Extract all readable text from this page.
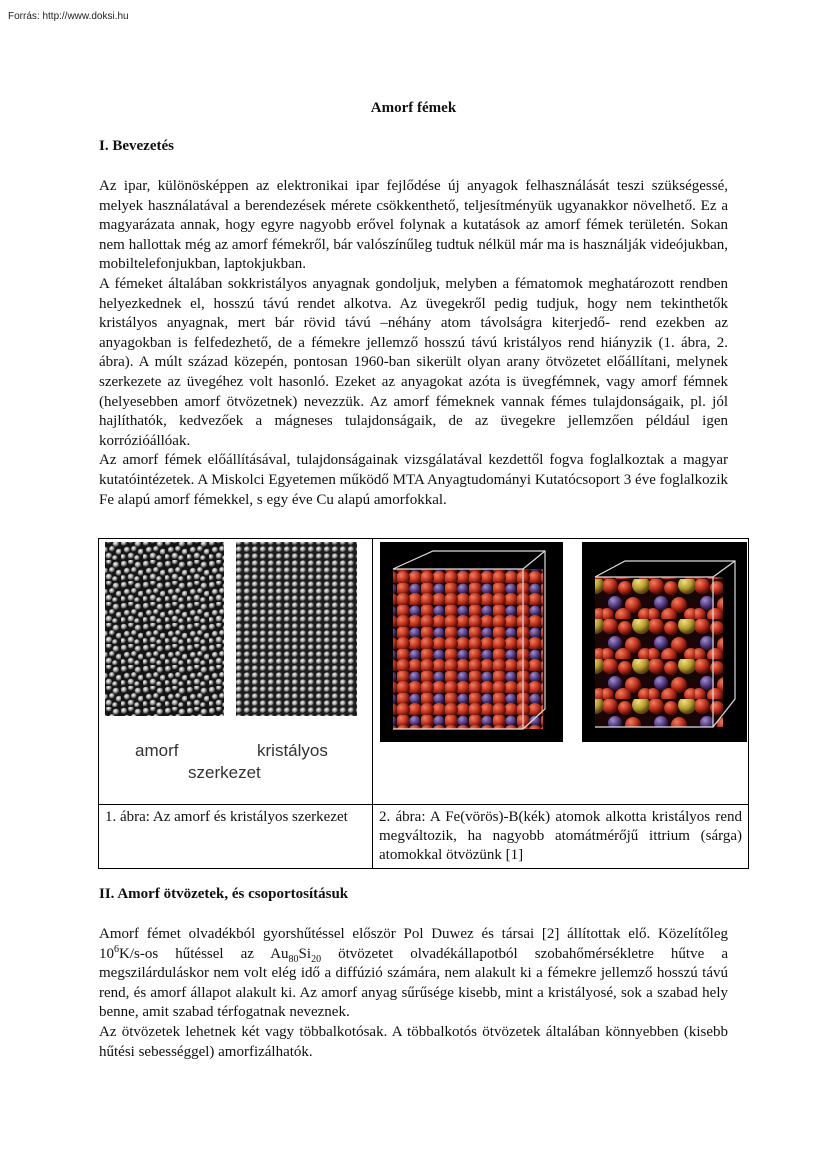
Forrás: http://www.doksi.hu
Amorf fémek
I. Bevezetés

Az ipar, különösképpen az elektronikai ipar fejlődése új anyagok felhasználását teszi szükségessé, melyek használatával a berendezések mérete csökkenthető, teljesítményük ugyanakkor növelhető. Ez a magyarázata annak, hogy egyre nagyobb erővel folynak a kutatások az amorf fémek területén. Sokan nem hallottak még az amorf fémekről, bár valószínűleg tudtuk nélkül már ma is használják videójukban, mobiltelefonjukban, laptokjukban.

A fémeket általában sokkristályos anyagnak gondoljuk, melyben a fématomok meghatározott rendben helyezkednek el, hosszú távú rendet alkotva. Az üvegekről pedig tudjuk, hogy nem tekinthetők kristályos anyagnak, mert bár rövid távú –néhány atom távolságra kiterjedő- rend ezekben az anyagokban is felfedezhető, de a fémekre jellemző hosszú távú kristályos rend hiányzik (1. ábra, 2. ábra). A múlt század közepén, pontosan 1960-ban sikerült olyan arany ötvözetet előállítani, melynek szerkezete az üvegéhez volt hasonló. Ezeket az anyagokat azóta is üvegfémnek, vagy amorf fémnek (helyesebben amorf ötvözetnek) nevezzük. Az amorf fémeknek vannak fémes tulajdonságaik, pl. jól hajlíthatók, kedvezőek a mágneses tulajdonságaik, de az üvegekre jellemzően például igen korrózióállóak.

Az amorf fémek előállításával, tulajdonságainak vizsgálatával kezdettől fogva foglalkoztak a magyar kutatóintézetek. A Miskolci Egyetemen működő MTA Anyagtudományi Kutatócsoport 3 éve foglalkozik Fe alapú amorf fémekkel, s egy éve Cu alapú amorfokkal.

amorf kristályos
szerkezet

1. ábra: Az amorf és kristályos szerkezet	2. ábra: A Fe(vörös)-B(kék) atomok alkotta kristályos rend megváltozik, ha nagyobb atomátmérőjű ittrium (sárga) atomokkal ötvözünk [1]
II. Amorf ötvözetek, és csoportosításuk

Amorf fémet olvadékból gyorshűtéssel először Pol Duwez és társai [2] állítottak elő. Közelítőleg $10^6K/s-os$ hűtéssel az $Au_{80}Si_{20}$ ötvözetet olvadékállapotból szobahőmérsékletre hűtve a megszilárduláskor nem volt elég idő a diffúzió számára, nem alakult ki a fémekre jellemző hosszú távú rend, és amorf állapot alakult ki. Az amorf anyag sűrűsége kisebb, mint a kristályosé, sok a szabad hely benne, amit szabad térfogatnak neveznek.

Az ötvözetek lehetnek két vagy többalkotósak. A többalkotós ötvözetek általában könnyebben (kisebb hűtési sebességgel) amorfizálhatók.
